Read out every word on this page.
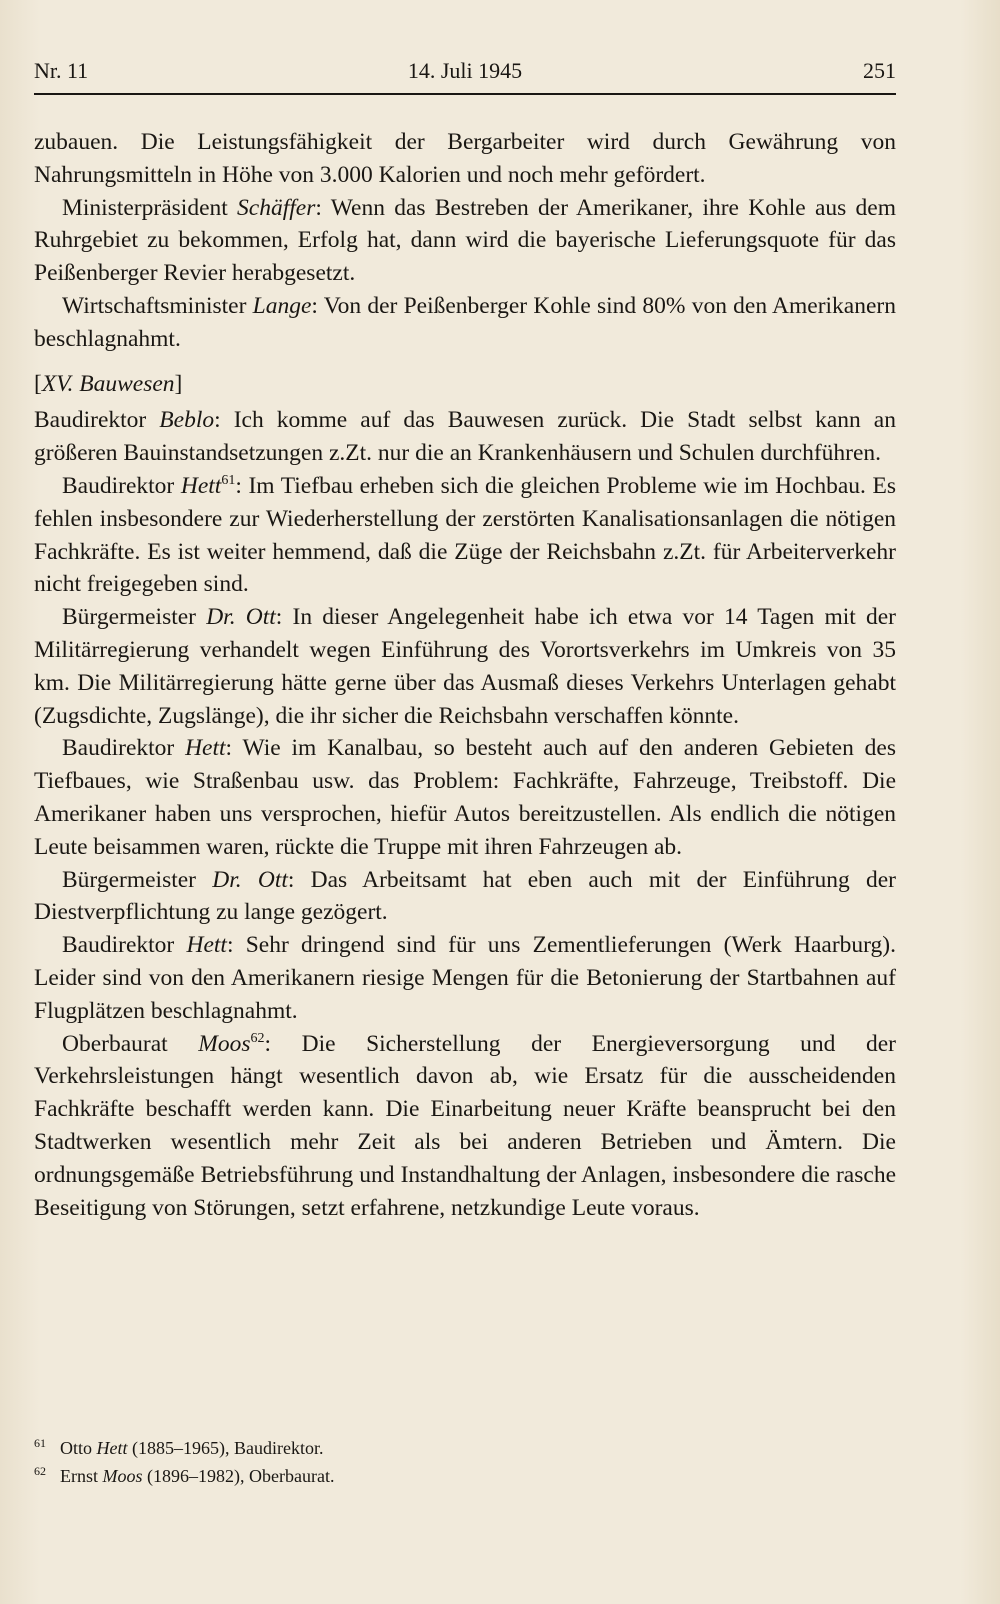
Nr. 11	14. Juli 1945	251

zubauen. Die Leistungsfähigkeit der Bergarbeiter wird durch Gewährung von Nahrungsmitteln in Höhe von 3.000 Kalorien und noch mehr gefördert.

Ministerpräsident Schäffer: Wenn das Bestreben der Amerikaner, ihre Kohle aus dem Ruhrgebiet zu bekommen, Erfolg hat, dann wird die bayerische Lieferungsquote für das Peißenberger Revier herabgesetzt.

Wirtschaftsminister Lange: Von der Peißenberger Kohle sind 80% von den Amerikanern beschlagnahmt.

[XV. Bauwesen]

Baudirektor Beblo: Ich komme auf das Bauwesen zurück. Die Stadt selbst kann an größeren Bauinstandsetzungen z.Zt. nur die an Krankenhäusern und Schulen durchführen.

Baudirektor Hett$^{61}$: Im Tiefbau erheben sich die gleichen Probleme wie im Hochbau. Es fehlen insbesondere zur Wiederherstellung der zerstörten Kanalisationsanlagen die nötigen Fachkräfte. Es ist weiter hemmend, daß die Züge der Reichsbahn z.Zt. für Arbeiterverkehr nicht freigegeben sind.

Bürgermeister Dr. Ott: In dieser Angelegenheit habe ich etwa vor 14 Tagen mit der Militärregierung verhandelt wegen Einführung des Vorortsverkehrs im Umkreis von 35 km. Die Militärregierung hätte gerne über das Ausmaß dieses Verkehrs Unterlagen gehabt (Zugsdichte, Zugslänge), die ihr sicher die Reichsbahn verschaffen könnte.

Baudirektor Hett: Wie im Kanalbau, so besteht auch auf den anderen Gebieten des Tiefbaues, wie Straßenbau usw. das Problem: Fachkräfte, Fahrzeuge, Treibstoff. Die Amerikaner haben uns versprochen, hiefür Autos bereitzustellen. Als endlich die nötigen Leute beisammen waren, rückte die Truppe mit ihren Fahrzeugen ab.

Bürgermeister Dr. Ott: Das Arbeitsamt hat eben auch mit der Einführung der Diestverpflichtung zu lange gezögert.

Baudirektor Hett: Sehr dringend sind für uns Zementlieferungen (Werk Haarburg). Leider sind von den Amerikanern riesige Mengen für die Betonierung der Startbahnen auf Flugplätzen beschlagnahmt.

Oberbaurat Moos$^{62}$: Die Sicherstellung der Energieversorgung und der Verkehrsleistungen hängt wesentlich davon ab, wie Ersatz für die ausscheidenden Fachkräfte beschafft werden kann. Die Einarbeitung neuer Kräfte beansprucht bei den Stadtwerken wesentlich mehr Zeit als bei anderen Betrieben und Ämtern. Die ordnungsgemäße Betriebsführung und Instandhaltung der Anlagen, insbesondere die rasche Beseitigung von Störungen, setzt erfahrene, netzkundige Leute voraus.

61 Otto Hett (1885–1965), Baudirektor.

62 Ernst Moos (1896–1982), Oberbaurat.
